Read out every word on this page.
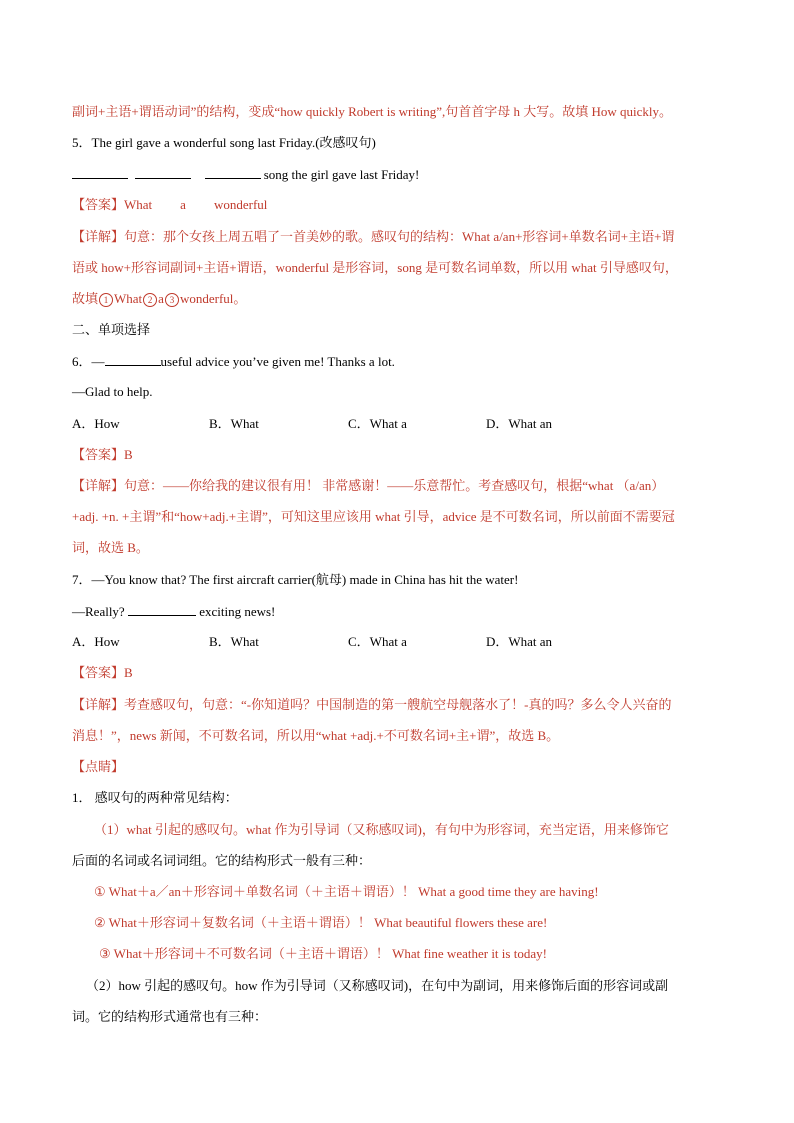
副词+主语+谓语动词”的结构，变成“how quickly Robert is writing”,句首首字母 h 大写。故填 How quickly。
5．The girl gave a wonderful song last Friday.(改感叹句)
song the girl gave last Friday!
【答案】What a wonderful
【详解】句意：那个女孩上周五唱了一首美妙的歌。感叹句的结构：What a/an+形容词+单数名词+主语+谓
语或 how+形容词副词+主语+谓语，wonderful 是形容词，song 是可数名词单数，所以用 what 引导感叹句，
故填 1 What 2 a 3 wonderful。
二、单项选择
6．—	useful advice you’ve given me! Thanks a lot.
—Glad to help.
A．How	B．What	C．What a	D．What an
【答案】B
【详解】句意：——你给我的建议很有用！ 非常感谢！——乐意帮忙。考查感叹句，根据“what （a/an）
+adj. +n. +主谓”和“how+adj.+主谓”，可知这里应该用 what 引导，advice 是不可数名词，所以前面不需要冠
词，故选 B。
7．—You know that? The first aircraft carrier(航母) made in China has hit the water!
—Really?	exciting news!
A．How	B．What	C．What a	D．What an
【答案】B
【详解】考查感叹句，句意：“-你知道吗？中国制造的第一艘航空母舰落水了！-真的吗？多么令人兴奋的
消息！”，news 新闻，不可数名词，所以用“what +adj.+不可数名词+主+谓”，故选 B。
【点睛】
1． 感叹句的两种常见结构：
（1）what 引起的感叹句。what 作为引导词（又称感叹词)，有句中为形容词，充当定语，用来修饰它
后面的名词或名词词组。它的结构形式一般有三种：
① What＋a／an＋形容词＋单数名词（＋主语＋谓语）！ What a good time they are having!
② What＋形容词＋复数名词（＋主语＋谓语）！ What beautiful flowers these are!
③ What＋形容词＋不可数名词（＋主语＋谓语）！ What fine weather it is today!
（2）how 引起的感叹句。how 作为引导词（又称感叹词)，在句中为副词，用来修饰后面的形容词或副
词。它的结构形式通常也有三种：
